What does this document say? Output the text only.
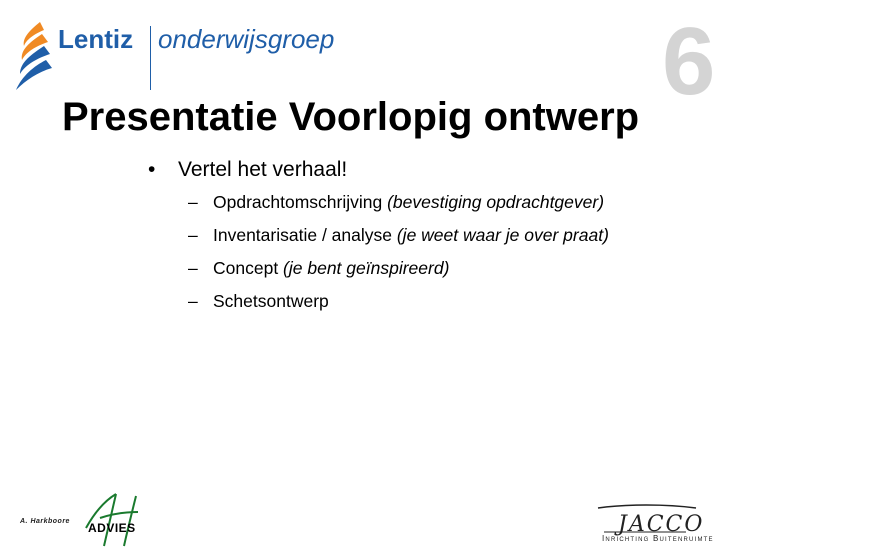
Lentiz onderwijsgroep	6
Presentatie Voorlopig ontwerp
• Vertel het verhaal!
– Opdrachtomschrijving (bevestiging opdrachtgever)
– Inventarisatie / analyse (je weet waar je over praat)
– Concept (je bent geïnspireerd)
– Schetsontwerp
A. Harkboore ADVIES	JACCO
Inrichting Buitenruimte
